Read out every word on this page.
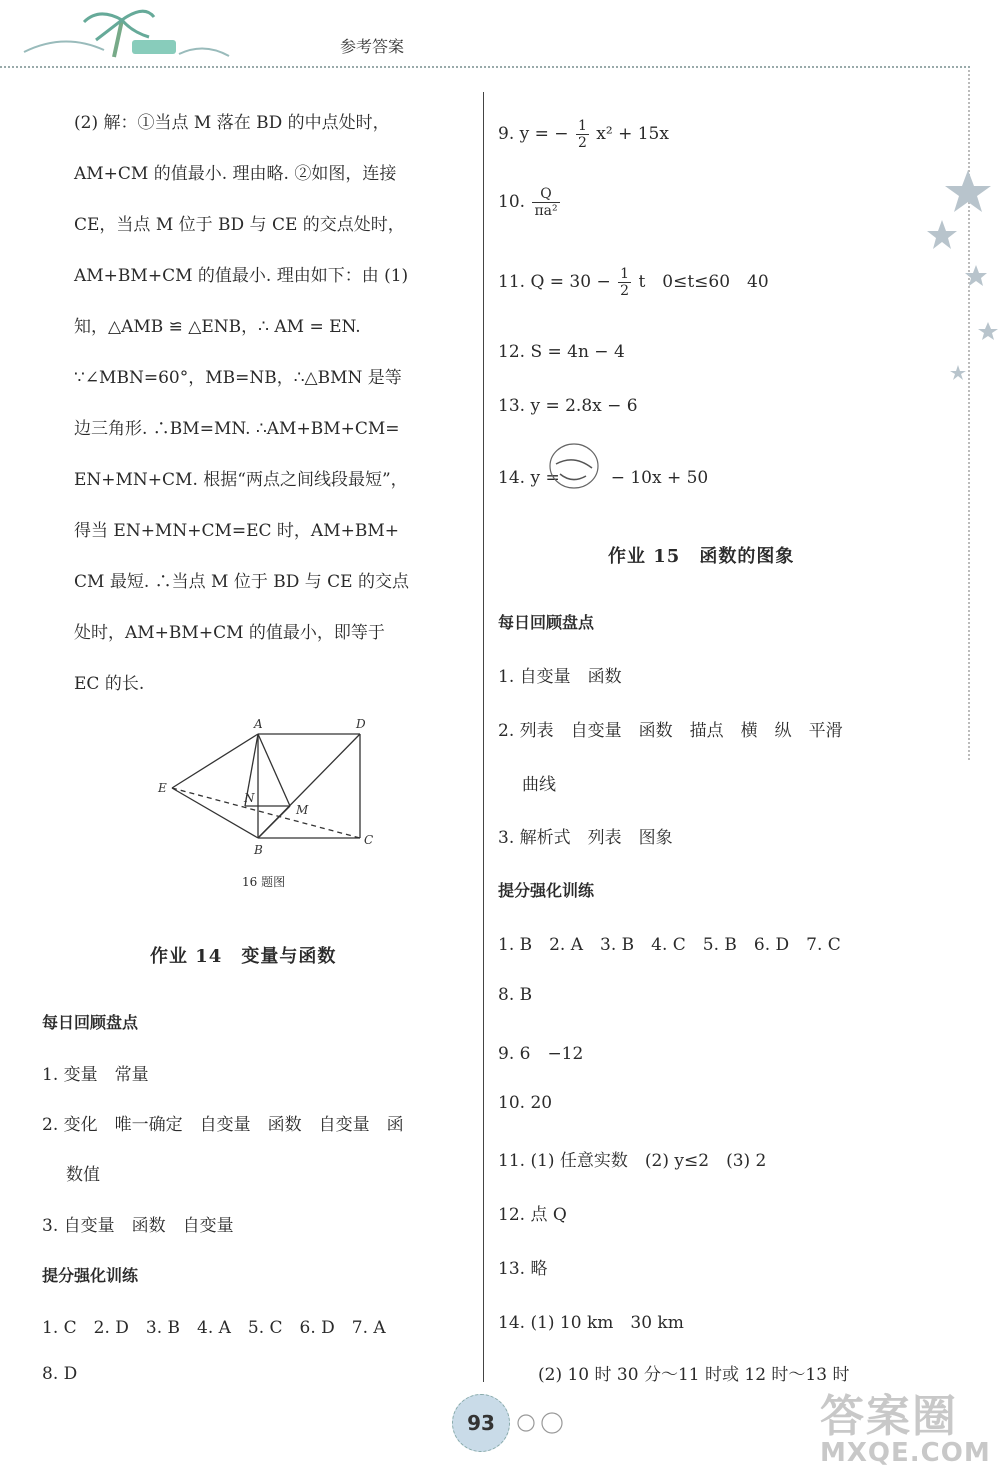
参考答案
(2) 解：①当点 M 落在 BD 的中点处时，
AM+CM 的值最小. 理由略. ②如图，连接
CE，当点 M 位于 BD 与 CE 的交点处时，
AM+BM+CM 的值最小. 理由如下：由 (1)
知，△AMB ≌ △ENB，∴ AM = EN.
∵∠MBN=60°，MB=NB，∴△BMN 是等
边三角形. ∴BM=MN. ∴AM+BM+CM=
EN+MN+CM. 根据“两点之间线段最短”，
得当 EN+MN+CM=EC 时，AM+BM+
CM 最短. ∴当点 M 位于 BD 与 CE 的交点
处时，AM+BM+CM 的值最小，即等于
EC 的长.
A	D
E
N
M
B
C
16 题图
作业 14　变量与函数
每日回顾盘点
1. 变量　常量
2. 变化　唯一确定　自变量　函数　自变量　函
数值
3. 自变量　函数　自变量
提分强化训练
1. C　2. D　3. B　4. A　5. C　6. D　7. A
8. D
9. y = − $\frac{1}{2} x^2 + 15x$
10. $\frac{Q}{\text{πa²}}$
11. $Q = 30 - \frac{1}{2}$ t　0≤t≤60　40
12. S = 4n − 4
13. y = 2.8x − 6
14. y =　　　− 10x + 50
作业 15　函数的图象
每日回顾盘点
1. 自变量　函数
2. 列表　自变量　函数　描点　横　纵　平滑
曲线
3. 解析式　列表　图象
提分强化训练
1. B　2. A　3. B　4. C　5. B　6. D　7. C
8. B
9. 6　−12
10. 20
11. (1) 任意实数　(2) y≤2　(3) 2
12. 点 Q
13. 略
14. (1) 10 km　30 km
(2) 10 时 30 分～11 时或 12 时～13 时
93	答案圈
MXQE.COM
